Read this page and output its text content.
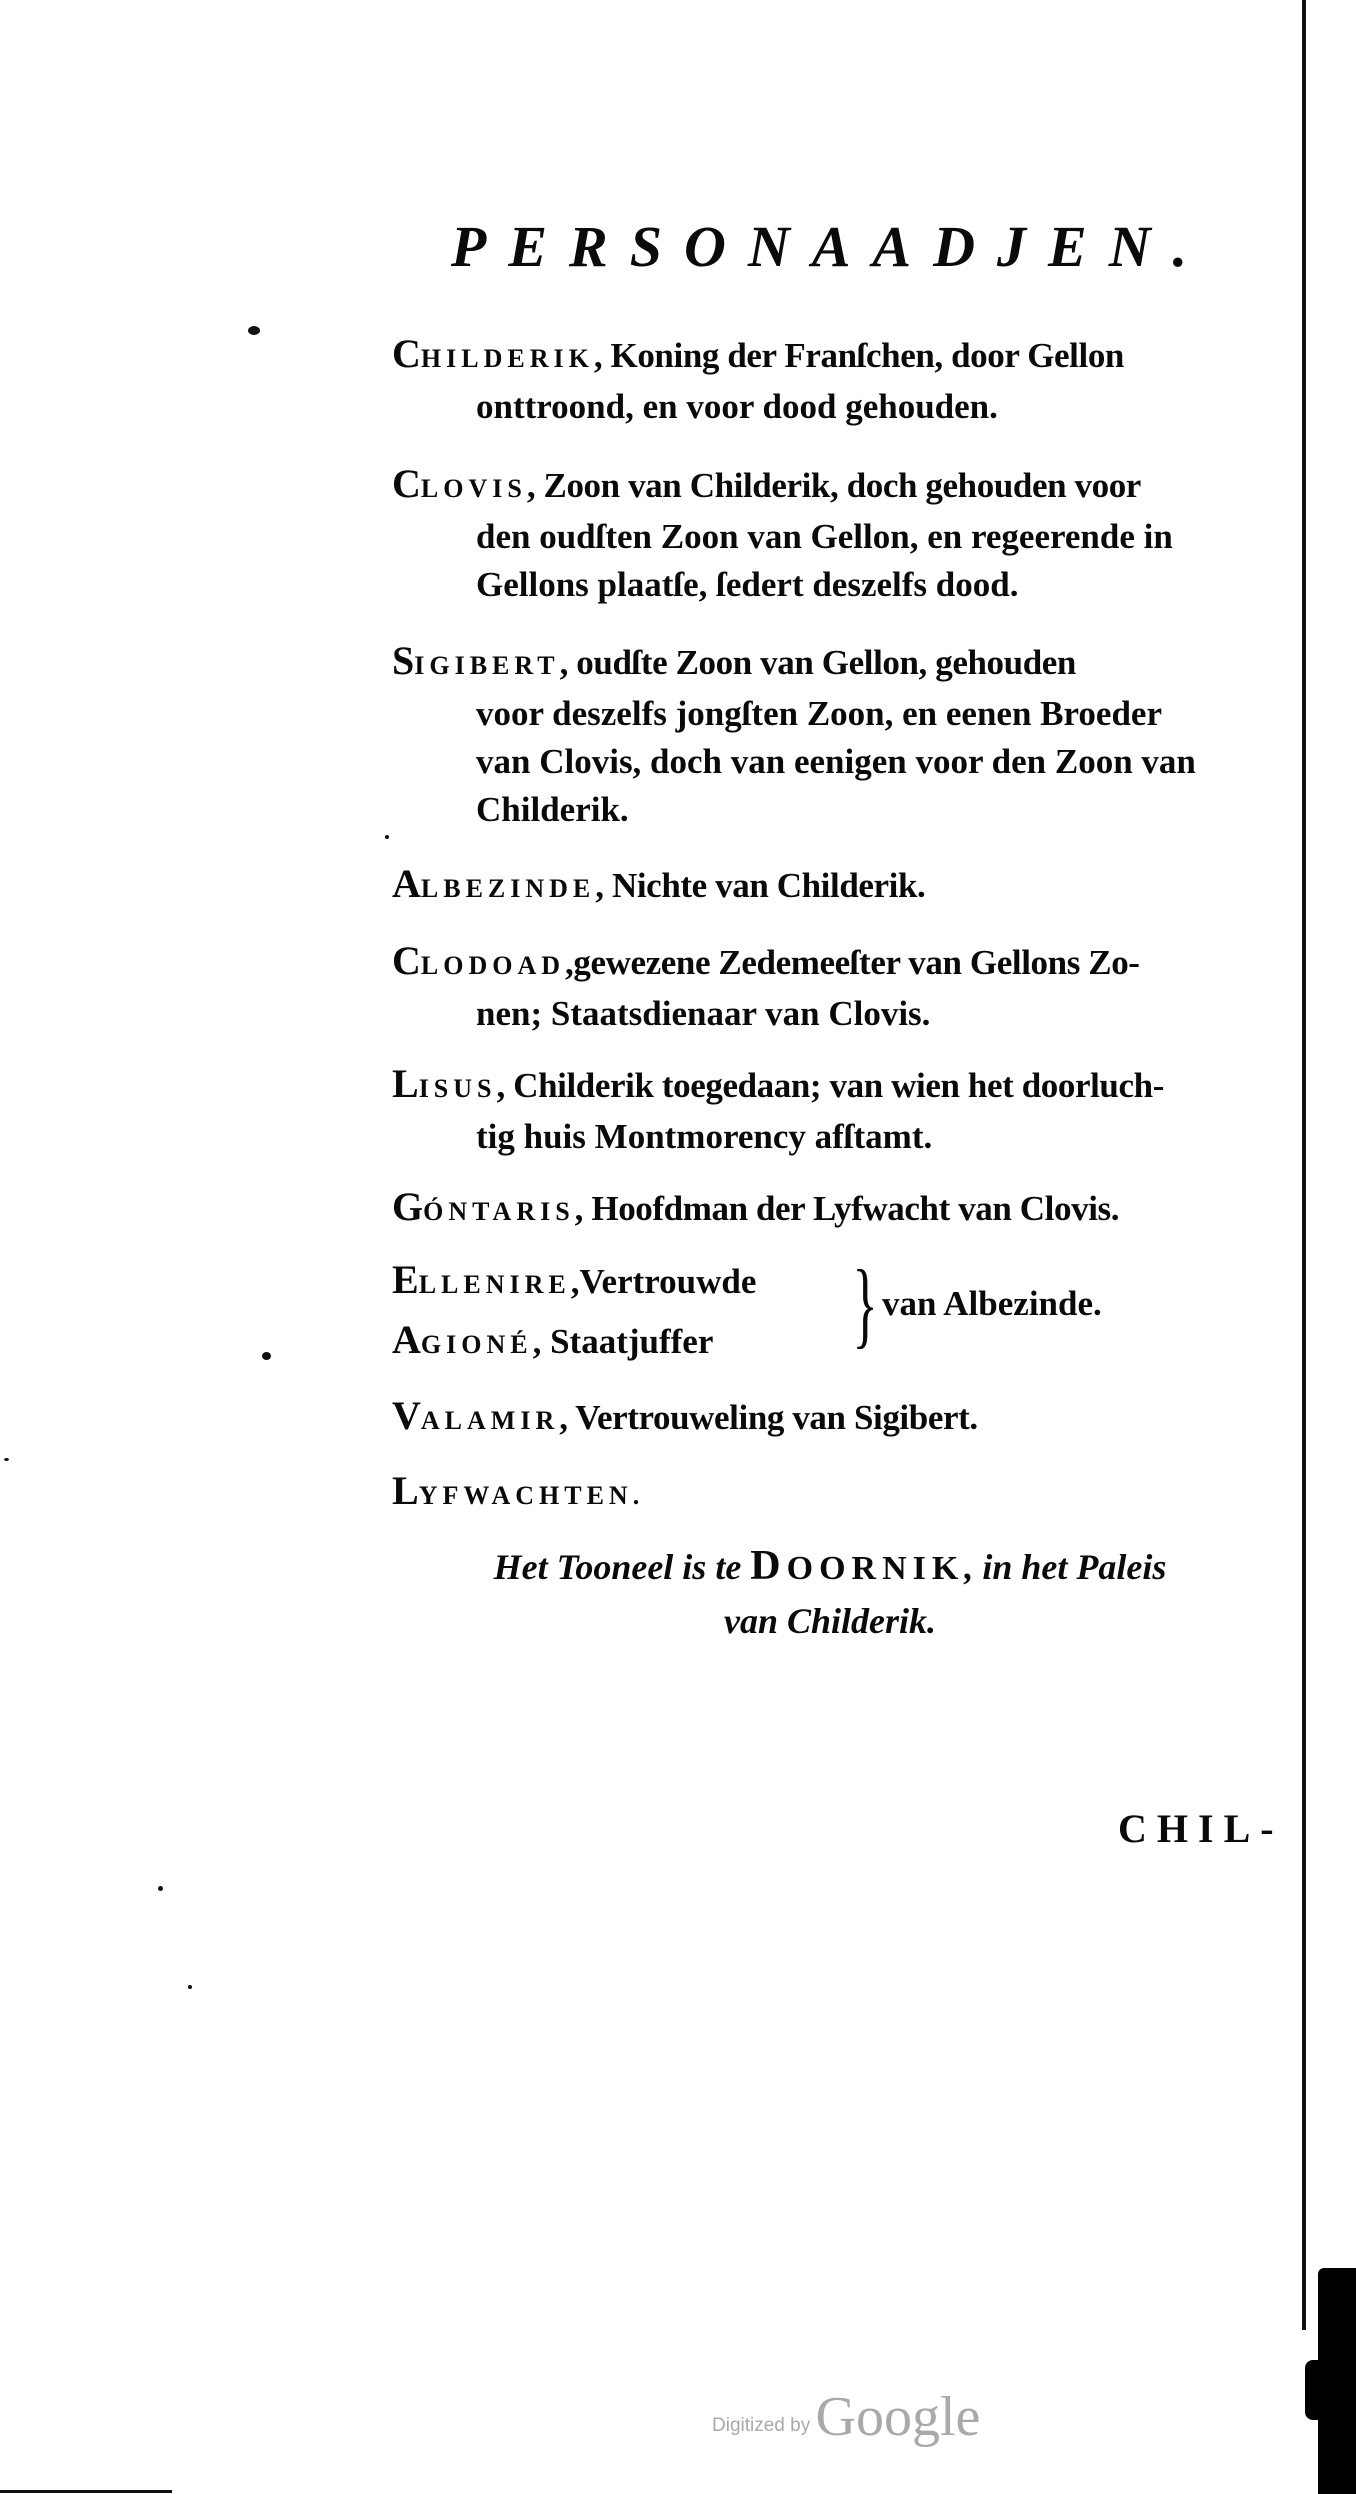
PERSONAADJEN.
CHILDERIK, Koning der Franſchen, door Gellon
onttroond, en voor dood gehouden.
CLOVIS, Zoon van Childerik, doch gehouden voor
den oudſten Zoon van Gellon, en regeerende in
Gellons plaatſe, ſedert deszelfs dood.
SIGIBERT, oudſte Zoon van Gellon, gehouden
voor deszelfs jongſten Zoon, en eenen Broeder
van Clovis, doch van eenigen voor den Zoon van
Childerik.
ALBEZINDE, Nichte van Childerik.
CLODOAD,gewezene Zedemeeſter van Gellons Zo-
nen; Staatsdienaar van Clovis.
LISUS, Childerik toegedaan; van wien het doorluch-
tig huis Montmorency afſtamt.
GÓNTARIS, Hoofdman der Lyfwacht van Clovis.
ELLENIRE,Vertrouwde
AGIONÉ, Staatjuffer } van Albezinde.
VALAMIR, Vertrouweling van Sigibert.
LYFWACHTEN.
Het Tooneel is te DOORNIK, in het Paleis
van Childerik.
CHIL-
Digitized by Google
